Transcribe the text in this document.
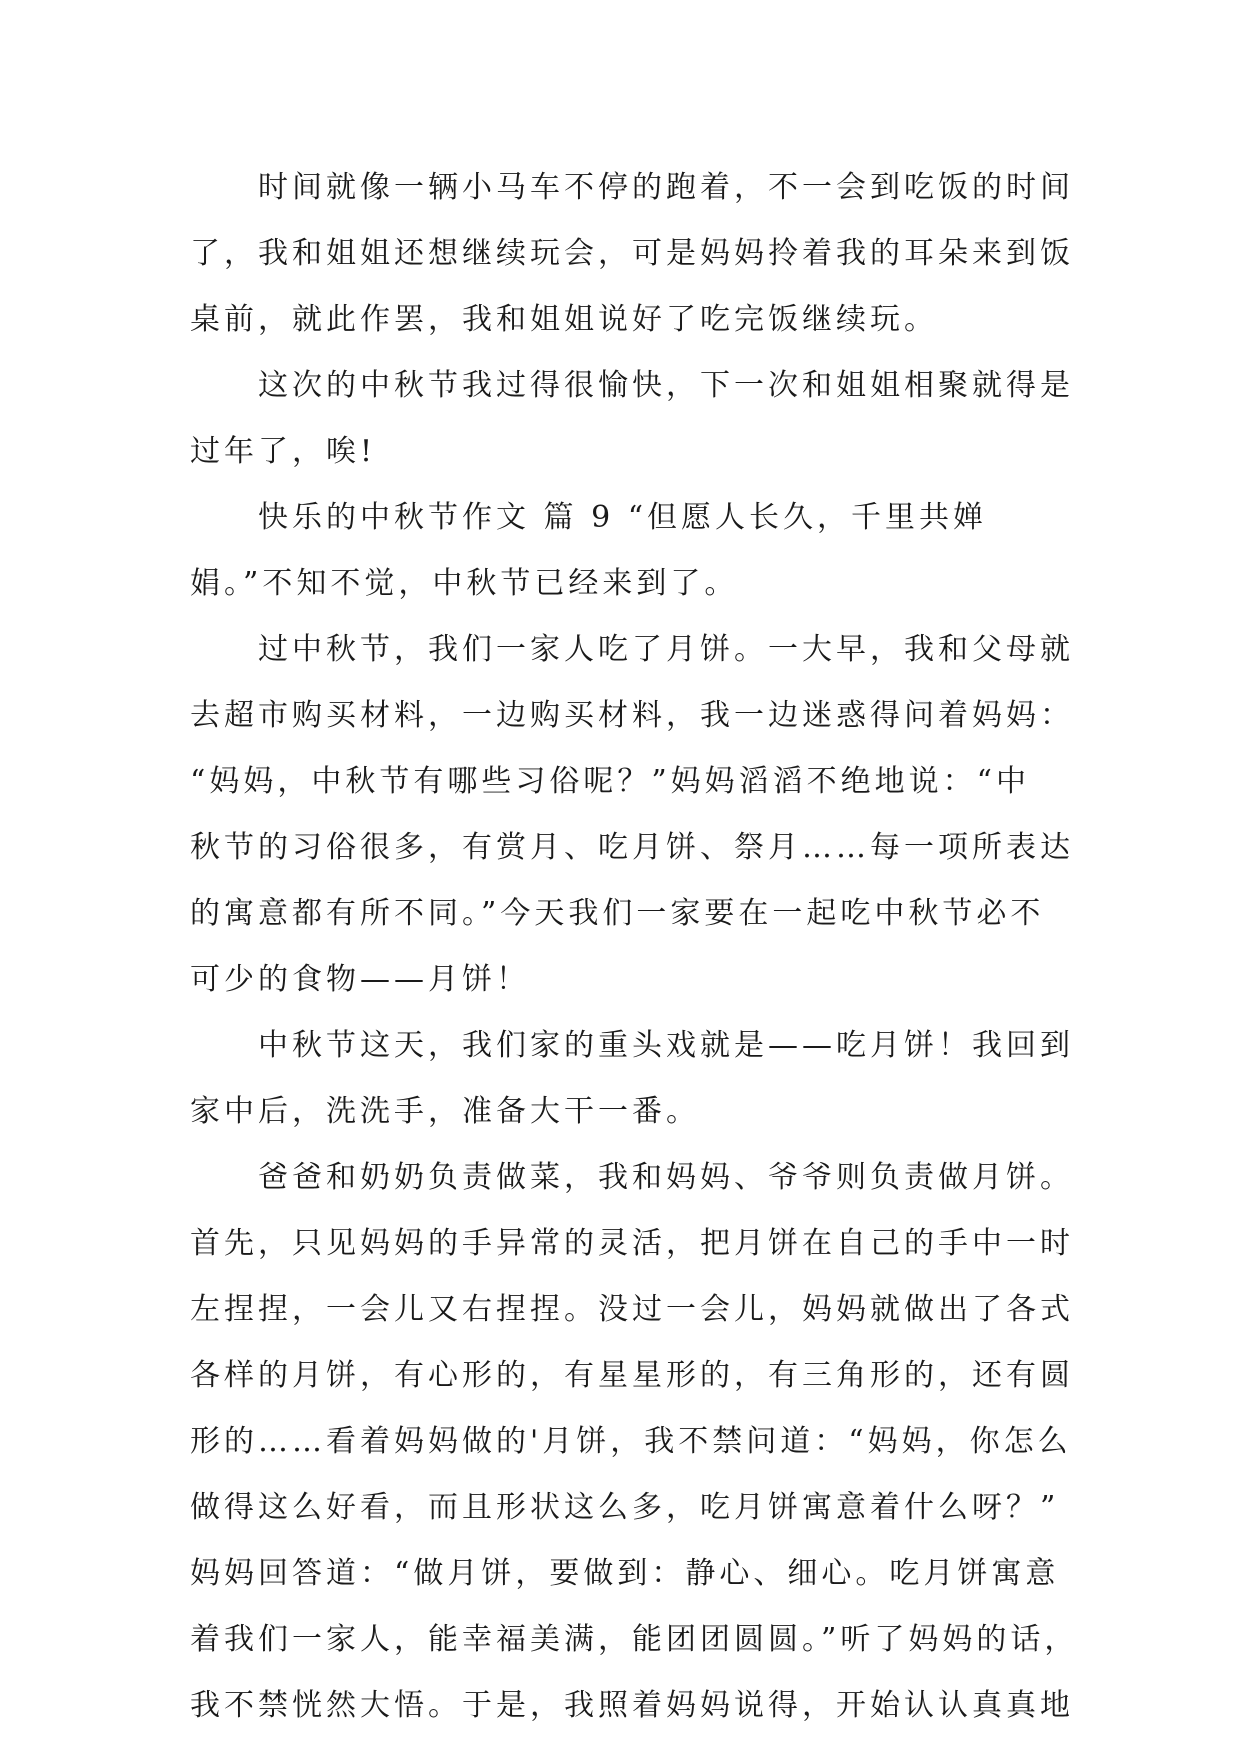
时间就像一辆小马车不停的跑着，不一会到吃饭的时间
了，我和姐姐还想继续玩会，可是妈妈拎着我的耳朵来到饭
桌前，就此作罢，我和姐姐说好了吃完饭继续玩。
这次的中秋节我过得很愉快，下一次和姐姐相聚就得是
过年了，唉!
快乐的中秋节作文 篇 9 “但愿人长久，千里共婵
娟。”不知不觉，中秋节已经来到了。
过中秋节，我们一家人吃了月饼。一大早，我和父母就
去超市购买材料，一边购买材料，我一边迷惑得问着妈妈：
“妈妈，中秋节有哪些习俗呢？”妈妈滔滔不绝地说：“中
秋节的习俗很多，有赏月、吃月饼、祭月……每一项所表达
的寓意都有所不同。”今天我们一家要在一起吃中秋节必不
可少的食物——月饼！
中秋节这天，我们家的重头戏就是——吃月饼！我回到
家中后，洗洗手，准备大干一番。
爸爸和奶奶负责做菜，我和妈妈、爷爷则负责做月饼。
首先，只见妈妈的手异常的灵活，把月饼在自己的手中一时
左捏捏，一会儿又右捏捏。没过一会儿，妈妈就做出了各式
各样的月饼，有心形的，有星星形的，有三角形的，还有圆
形的……看着妈妈做的'月饼，我不禁问道：“妈妈，你怎么
做得这么好看，而且形状这么多，吃月饼寓意着什么呀？”
妈妈回答道：“做月饼，要做到：静心、细心。吃月饼寓意
着我们一家人，能幸福美满，能团团圆圆。”听了妈妈的话，
我不禁恍然大悟。于是，我照着妈妈说得，开始认认真真地
